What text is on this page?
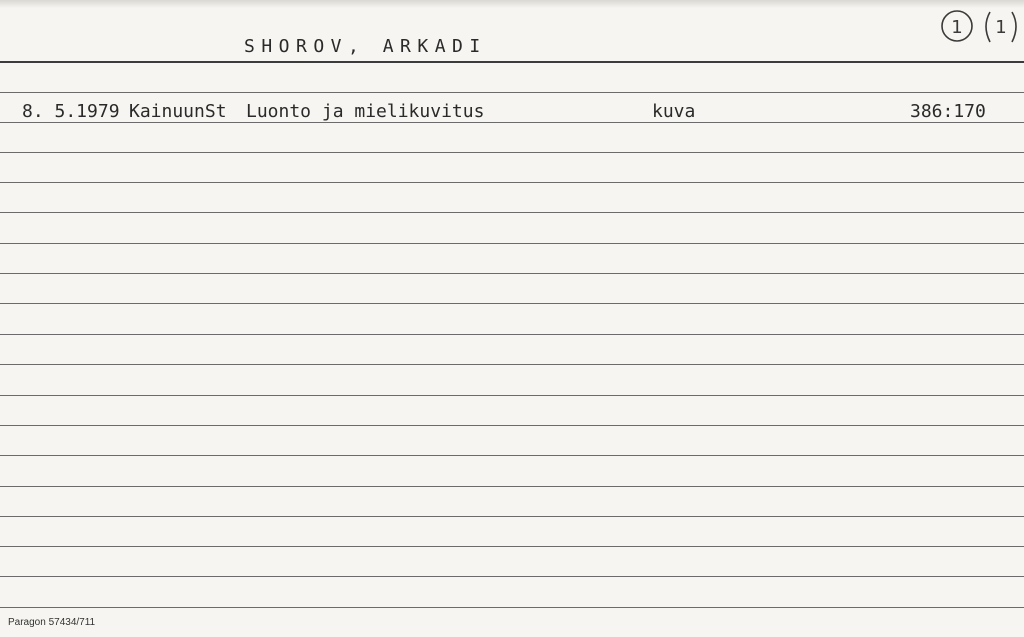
SHOROV, ARKADI
1 1
8. 5.1979 KainuunSt Luonto ja mielikuvitus	kuva	386:170
Paragon 57434/711
